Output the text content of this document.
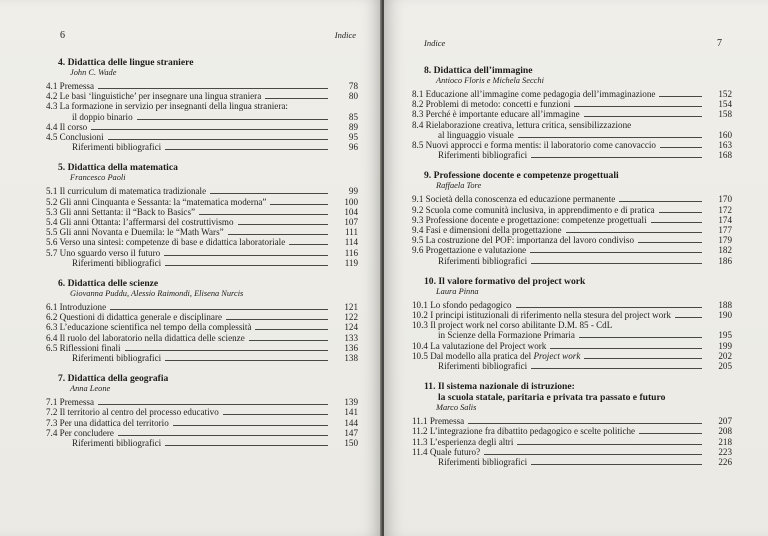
6	Indice
4. Didattica delle lingue straniere
John C. Wade
4.1 Premessa	78
4.2 Le basi ‘linguistiche’ per insegnare una lingua straniera	80
4.3 La formazione in servizio per insegnanti della lingua straniera:
il doppio binario	85
4.4 Il corso	89
4.5 Conclusioni	95
Riferimenti bibliografici	96
5. Didattica della matematica
Francesco Paoli
5.1 Il curriculum di matematica tradizionale	99
5.2 Gli anni Cinquanta e Sessanta: la “matematica moderna”	100
5.3 Gli anni Settanta: il “Back to Basics”	104
5.4 Gli anni Ottanta: l’affermarsi del costruttivismo	107
5.5 Gli anni Novanta e Duemila: le “Math Wars”	111
5.6 Verso una sintesi: competenze di base e didattica laboratoriale	114
5.7 Uno sguardo verso il futuro	116
Riferimenti bibliografici	119
6. Didattica delle scienze
Giovanna Puddu, Alessio Raimondi, Elisena Nurcis
6.1 Introduzione	121
6.2 Questioni di didattica generale e disciplinare	122
6.3 L’educazione scientifica nel tempo della complessità	124
6.4 Il ruolo del laboratorio nella didattica delle scienze	133
6.5 Riflessioni finali	136
Riferimenti bibliografici	138
7. Didattica della geografia
Anna Leone
7.1 Premessa	139
7.2 Il territorio al centro del processo educativo	141
7.3 Per una didattica del territorio	144
7.4 Per concludere	147
Riferimenti bibliografici	150
Indice	7
8. Didattica dell’immagine
Antioco Floris e Michela Secchi
8.1 Educazione all’immagine come pedagogia dell’immaginazione	152
8.2 Problemi di metodo: concetti e funzioni	154
8.3 Perché è importante educare all’immagine	158
8.4 Rielaborazione creativa, lettura critica, sensibilizzazione
al linguaggio visuale	160
8.5 Nuovi approcci e forma mentis: il laboratorio come canovaccio	163
Riferimenti bibliografici	168
9. Professione docente e competenze progettuali
Raffaela Tore
9.1 Società della conoscenza ed educazione permanente	170
9.2 Scuola come comunità inclusiva, in apprendimento e di pratica	172
9.3 Professione docente e progettazione: competenze progettuali	174
9.4 Fasi e dimensioni della progettazione	177
9.5 La costruzione del POF: importanza del lavoro condiviso	179
9.6 Progettazione e valutazione	182
Riferimenti bibliografici	186
10. Il valore formativo del project work
Laura Pinna
10.1 Lo sfondo pedagogico	188
10.2 I principi istituzionali di riferimento nella stesura del project work	190
10.3 Il project work nel corso abilitante D.M. 85 - CdL
in Scienze della Formazione Primaria	195
10.4 La valutazione del Project work	199
10.5 Dal modello alla pratica del Project work	202
Riferimenti bibliografici	205
11. Il sistema nazionale di istruzione:
la scuola statale, paritaria e privata tra passato e futuro
Marco Salis
11.1 Premessa	207
11.2 L’integrazione fra dibattito pedagogico e scelte politiche	208
11.3 L’esperienza degli altri	218
11.4 Quale futuro?	223
Riferimenti bibliografici	226
